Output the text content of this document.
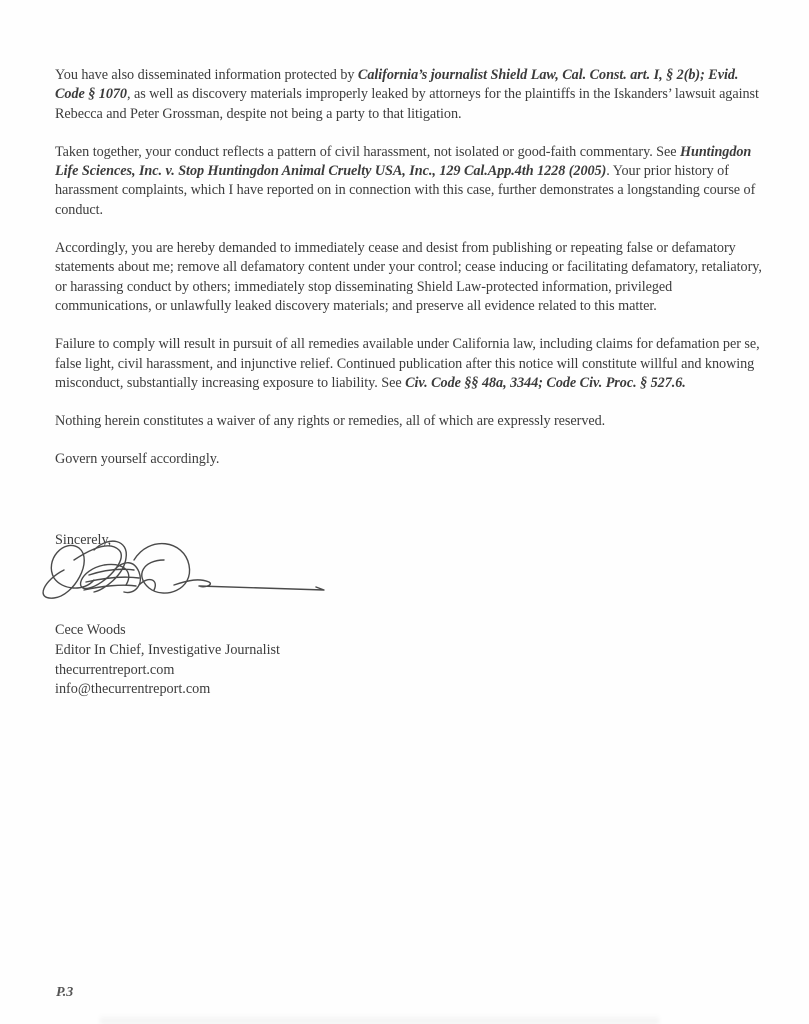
You have also disseminated information protected by California’s journalist Shield Law, Cal. Const. art. I, § 2(b); Evid. Code § 1070, as well as discovery materials improperly leaked by attorneys for the plaintiffs in the Iskanders’ lawsuit against Rebecca and Peter Grossman, despite not being a party to that litigation.

Taken together, your conduct reflects a pattern of civil harassment, not isolated or good-faith commentary. See Huntingdon Life Sciences, Inc. v. Stop Huntingdon Animal Cruelty USA, Inc., 129 Cal.App.4th 1228 (2005). Your prior history of harassment complaints, which I have reported on in connection with this case, further demonstrates a longstanding course of conduct.

Accordingly, you are hereby demanded to immediately cease and desist from publishing or repeating false or defamatory statements about me; remove all defamatory content under your control; cease inducing or facilitating defamatory, retaliatory, or harassing conduct by others; immediately stop disseminating Shield Law-protected information, privileged communications, or unlawfully leaked discovery materials; and preserve all evidence related to this matter.

Failure to comply will result in pursuit of all remedies available under California law, including claims for defamation per se, false light, civil harassment, and injunctive relief. Continued publication after this notice will constitute willful and knowing misconduct, substantially increasing exposure to liability. See Civ. Code §§ 48a, 3344; Code Civ. Proc. § 527.6.

Nothing herein constitutes a waiver of any rights or remedies, all of which are expressly reserved.

Govern yourself accordingly.

Sincerely,
Cece Woods
Editor In Chief, Investigative Journalist
thecurrentreport.com
info@thecurrentreport.com
P.3
